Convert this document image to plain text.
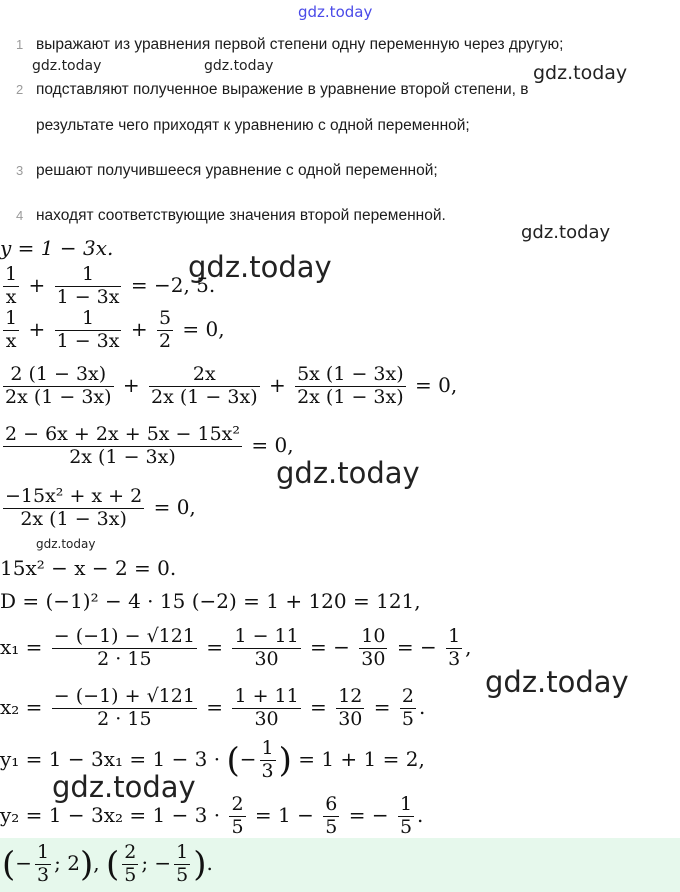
gdz.today
gdz.today	gdz.today	gdz.today
gdz.today
gdz.today
gdz.today
gdz.today
gdz.today
gdz.today
1 выражают из уравнения первой степени одну переменную через другую;
2 подставляют полученное выражение в уравнение второй степени, в
результате чего приходят к уравнению с одной переменной;
3 решают получившееся уравнение с одной переменной;
4 находят соответствующие значения второй переменной.
y = 1 − 3x.
$\frac{1}{x} + \frac{1}{1 - 3x} = -2$, 5.
$\frac{1}{x} + \frac{1}{1 - 3x} + \frac{5}{2} = 0$,
$\frac{2 (1 - 3x)}{2x (1 - 3x)} + \frac{2x}{2x (1 - 3x)} + \frac{5x (1 - 3x)}{2x (1 - 3x)} = 0$,
$\frac{\text{2 − 6x + 2x + 5x − 15x²}}{2x (1 - 3x)} = 0$,
$\frac{\text{−15x² + x + 2}}{2x (1 - 3x)} = 0$,
15x² − x − 2 = 0.
D = (−1)² − 4 · 15 (−2) = 1 + 120 = 121,
$x_1 = \frac{- (-1) - √121}{2 \cdot 15} = \frac{1 - 11}{30}$ = − $\frac{10}{30}$ = − $\frac{1}{3}$ ,
$x_2 = \frac{- (-1) + √121}{2 \cdot 15} = \frac{1 + 11}{30} = \frac{12}{30} = \frac{2}{5}$ .
y₁ = 1 − 3x₁ = 1 − 3 · (− $\frac{1}{3}$ ) = 1 + 1 = 2,
$y_2 = 1 - 3x_2 = 1 - 3 \cdot \frac{2}{5} = 1 - \frac{6}{5}$ = − $\frac{1}{5}$ .
(− $\frac{1}{3}$ ; 2), ( $\frac{2}{5}$ ; − $\frac{1}{5}$ ).
